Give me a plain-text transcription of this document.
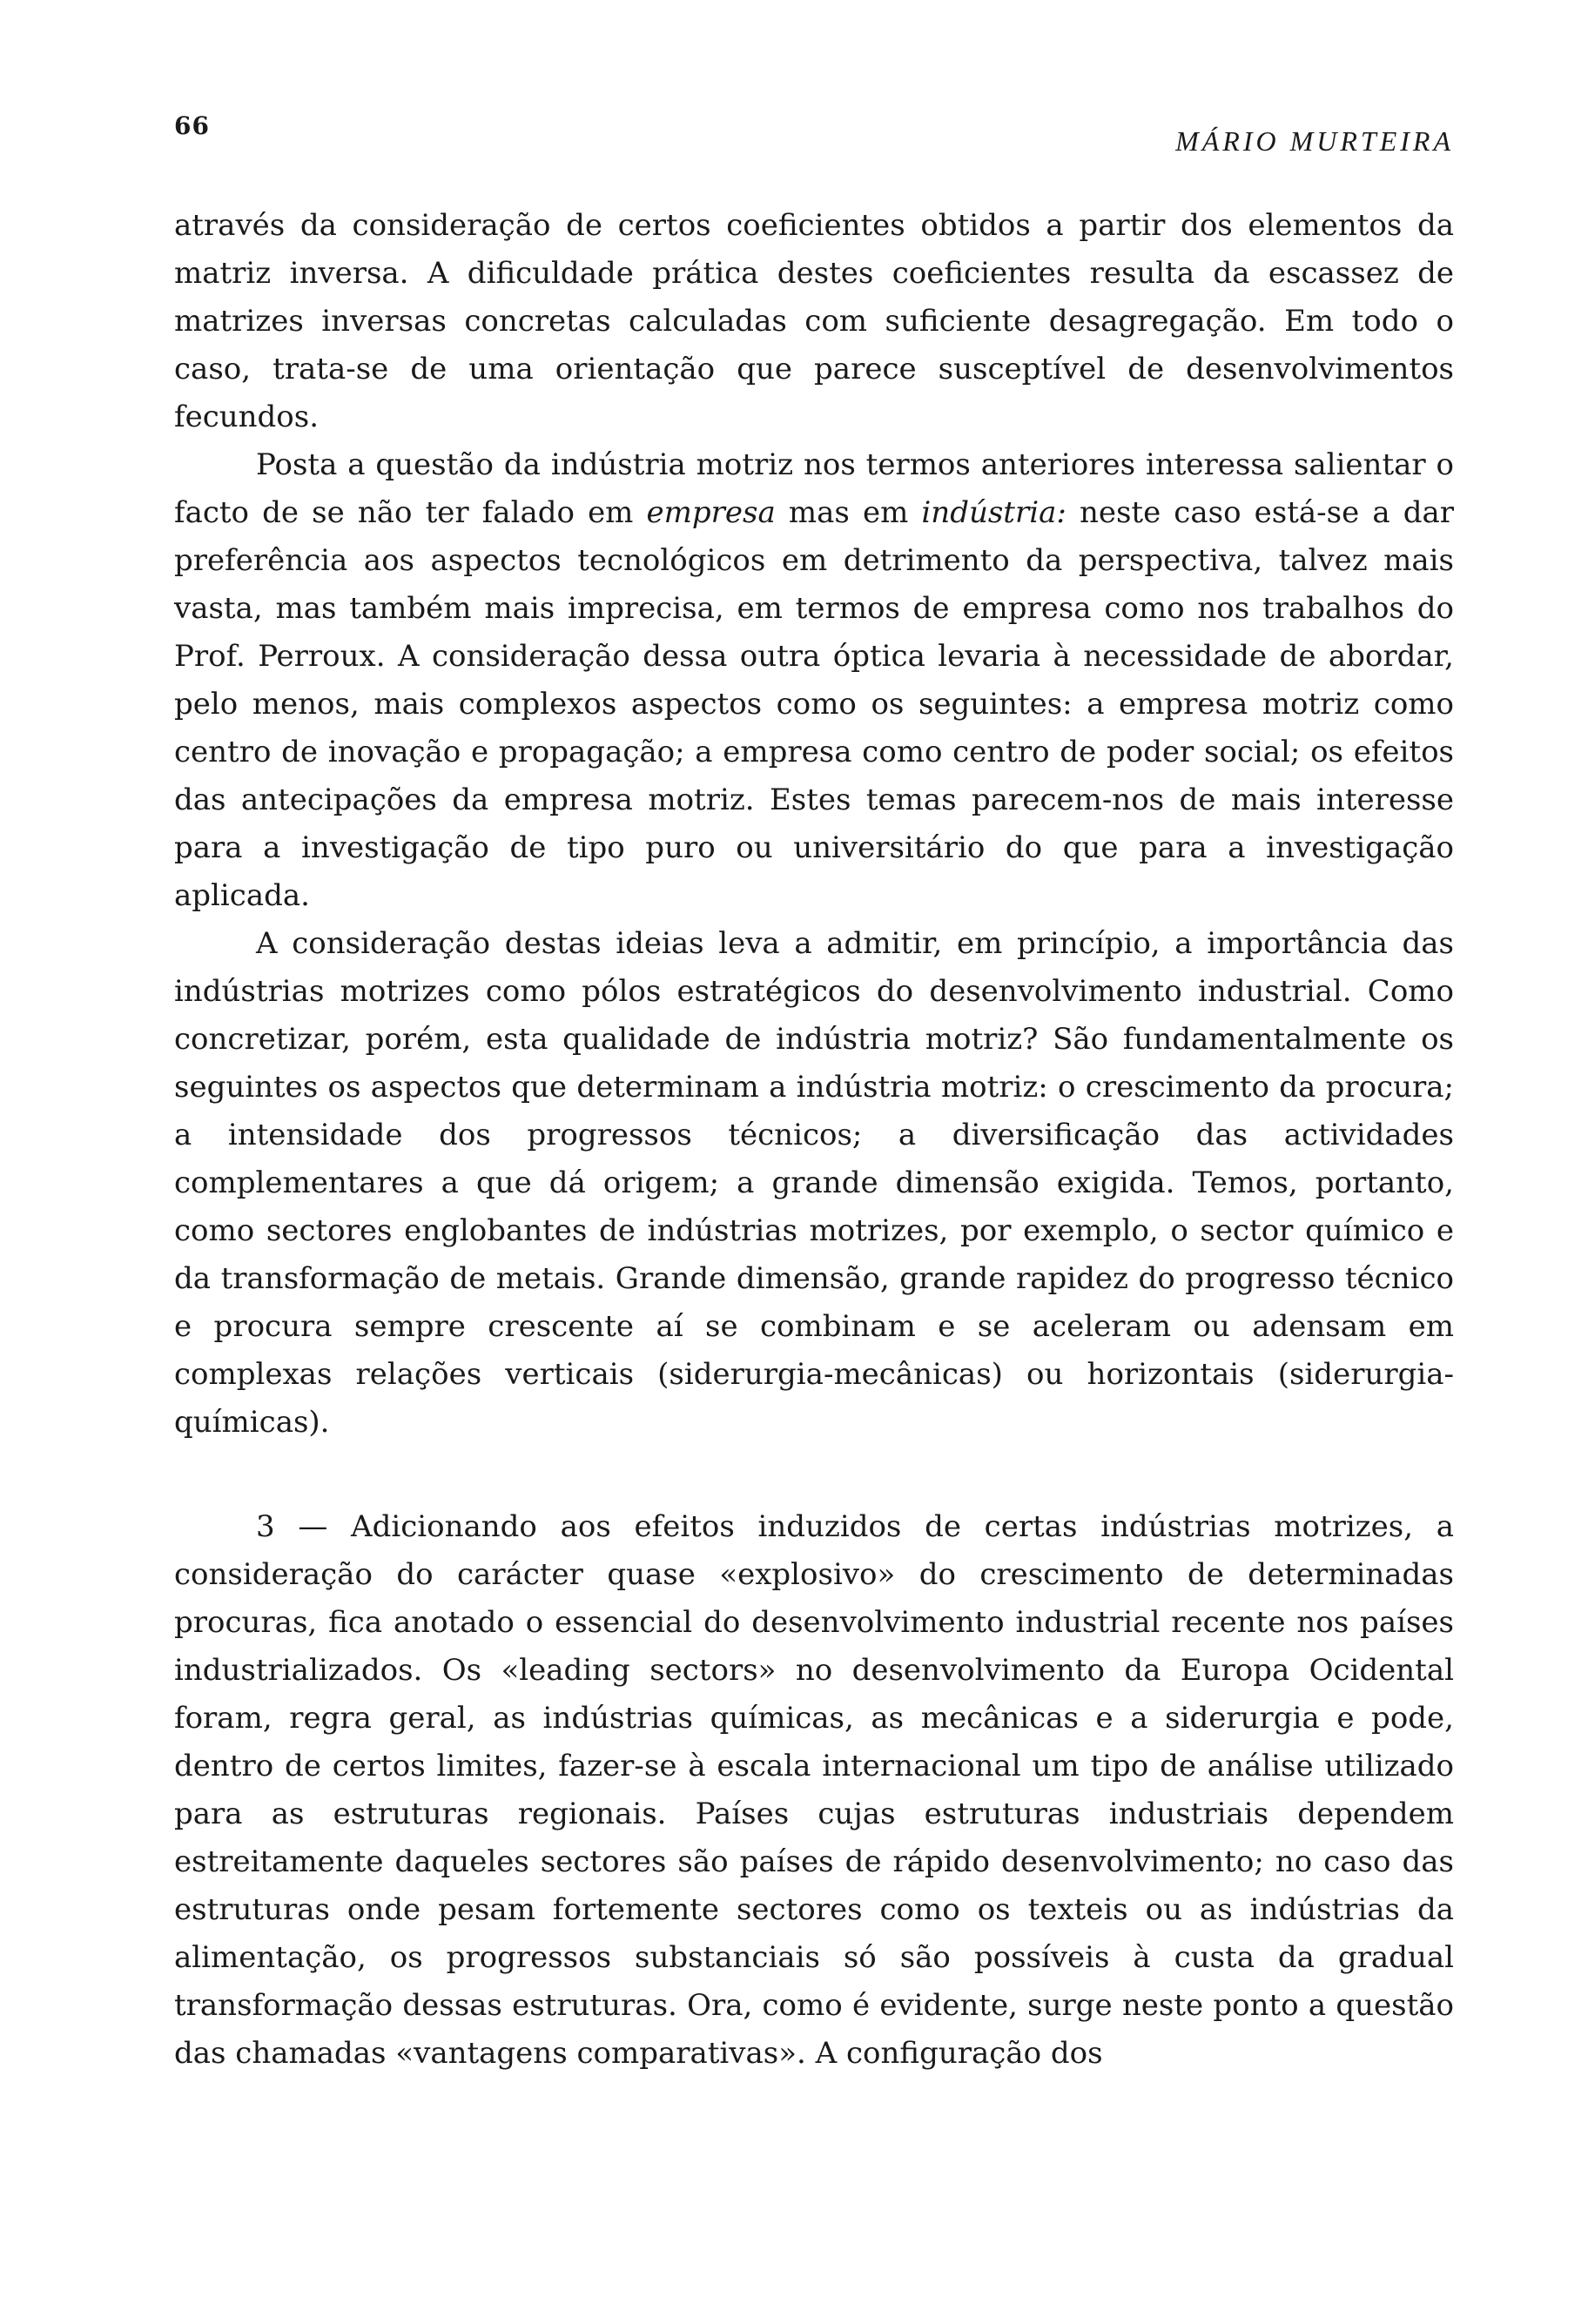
66	MÁRIO MURTEIRA

através da consideração de certos coeficientes obtidos a partir dos elementos da matriz inversa. A dificuldade prática destes coeficientes resulta da escassez de matrizes inversas concretas calculadas com suficiente desagregação. Em todo o caso, trata-se de uma orientação que parece susceptível de desenvolvimentos fecundos.

Posta a questão da indústria motriz nos termos anteriores interessa salientar o facto de se não ter falado em empresa mas em indústria: neste caso está-se a dar preferência aos aspectos tecnológicos em detrimento da perspectiva, talvez mais vasta, mas também mais imprecisa, em termos de empresa como nos trabalhos do Prof. Perroux. A consideração dessa outra óptica levaria à necessidade de abordar, pelo menos, mais complexos aspectos como os seguintes: a empresa motriz como centro de inovação e propagação; a empresa como centro de poder social; os efeitos das antecipações da empresa motriz. Estes temas parecem-nos de mais interesse para a investigação de tipo puro ou universitário do que para a investigação aplicada.

A consideração destas ideias leva a admitir, em princípio, a importância das indústrias motrizes como pólos estratégicos do desenvolvimento industrial. Como concretizar, porém, esta qualidade de indústria motriz? São fundamentalmente os seguintes os aspectos que determinam a indústria motriz: o crescimento da procura; a intensidade dos progressos técnicos; a diversificação das actividades complementares a que dá origem; a grande dimensão exigida. Temos, portanto, como sectores englobantes de indústrias motrizes, por exemplo, o sector químico e da transformação de metais. Grande dimensão, grande rapidez do progresso técnico e procura sempre crescente aí se combinam e se aceleram ou adensam em complexas relações verticais (siderurgia-mecânicas) ou horizontais (siderurgia-químicas).

3 — Adicionando aos efeitos induzidos de certas indústrias motrizes, a consideração do carácter quase «explosivo» do crescimento de determinadas procuras, fica anotado o essencial do desenvolvimento industrial recente nos países industrializados. Os «leading sectors» no desenvolvimento da Europa Ocidental foram, regra geral, as indústrias químicas, as mecânicas e a siderurgia e pode, dentro de certos limites, fazer-se à escala internacional um tipo de análise utilizado para as estruturas regionais. Países cujas estruturas industriais dependem estreitamente daqueles sectores são países de rápido desenvolvimento; no caso das estruturas onde pesam fortemente sectores como os texteis ou as indústrias da alimentação, os progressos substanciais só são possíveis à custa da gradual transformação dessas estruturas. Ora, como é evidente, surge neste ponto a questão das chamadas «vantagens comparativas». A configuração dos
